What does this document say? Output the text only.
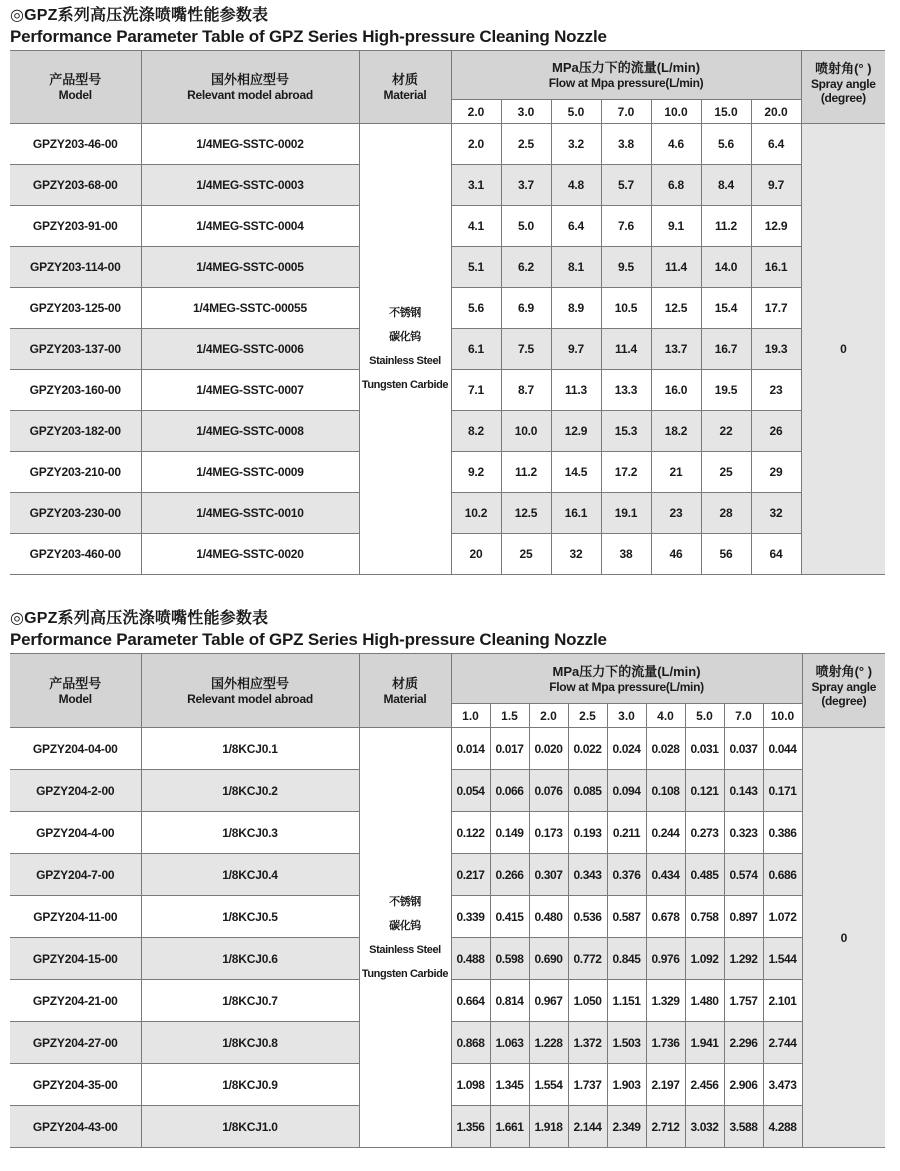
◎GPZ系列高压洗涤喷嘴性能参数表
Performance Parameter Table of GPZ Series High-pressure Cleaning Nozzle
产品型号
Model	国外相应型号
Relevant model abroad	材质
Material	MPa压力下的流量(L/min)
Flow at Mpa pressure(L/min)							喷射角(° )
Spray angle
(degree)

			2.0	3.0	5.0	7.0	10.0	15.0	20.0	
GPZY203-46-00	1/4MEG-SSTC-0002	不锈钢
碳化钨
Stainless Steel
Tungsten Carbide	2.0	2.5	3.2	3.8	4.6	5.6	6.4	0
GPZY203-68-00	1/4MEG-SSTC-0003		3.1	3.7	4.8	5.7	6.8	8.4	9.7	
GPZY203-91-00	1/4MEG-SSTC-0004		4.1	5.0	6.4	7.6	9.1	11.2	12.9	
GPZY203-114-00	1/4MEG-SSTC-0005		5.1	6.2	8.1	9.5	11.4	14.0	16.1	
GPZY203-125-00	1/4MEG-SSTC-00055		5.6	6.9	8.9	10.5	12.5	15.4	17.7	
GPZY203-137-00	1/4MEG-SSTC-0006		6.1	7.5	9.7	11.4	13.7	16.7	19.3	
GPZY203-160-00	1/4MEG-SSTC-0007		7.1	8.7	11.3	13.3	16.0	19.5	23	
GPZY203-182-00	1/4MEG-SSTC-0008		8.2	10.0	12.9	15.3	18.2	22	26	
GPZY203-210-00	1/4MEG-SSTC-0009		9.2	11.2	14.5	17.2	21	25	29	
GPZY203-230-00	1/4MEG-SSTC-0010		10.2	12.5	16.1	19.1	23	28	32	
GPZY203-460-00	1/4MEG-SSTC-0020		20	25	32	38	46	56	64	
◎GPZ系列高压洗涤喷嘴性能参数表
Performance Parameter Table of GPZ Series High-pressure Cleaning Nozzle
产品型号
Model	国外相应型号
Relevant model abroad	材质
Material	MPa压力下的流量(L/min)
Flow at Mpa pressure(L/min)									喷射角(° )
Spray angle
(degree)

			1.0	1.5	2.0	2.5	3.0	4.0	5.0	7.0	10.0	
GPZY204-04-00	1/8KCJ0.1	不锈钢
碳化钨
Stainless Steel
Tungsten Carbide	0.014	0.017	0.020	0.022	0.024	0.028	0.031	0.037	0.044	0
GPZY204-2-00	1/8KCJ0.2		0.054	0.066	0.076	0.085	0.094	0.108	0.121	0.143	0.171	
GPZY204-4-00	1/8KCJ0.3		0.122	0.149	0.173	0.193	0.211	0.244	0.273	0.323	0.386	
GPZY204-7-00	1/8KCJ0.4		0.217	0.266	0.307	0.343	0.376	0.434	0.485	0.574	0.686	
GPZY204-11-00	1/8KCJ0.5		0.339	0.415	0.480	0.536	0.587	0.678	0.758	0.897	1.072	
GPZY204-15-00	1/8KCJ0.6		0.488	0.598	0.690	0.772	0.845	0.976	1.092	1.292	1.544	
GPZY204-21-00	1/8KCJ0.7		0.664	0.814	0.967	1.050	1.151	1.329	1.480	1.757	2.101	
GPZY204-27-00	1/8KCJ0.8		0.868	1.063	1.228	1.372	1.503	1.736	1.941	2.296	2.744	
GPZY204-35-00	1/8KCJ0.9		1.098	1.345	1.554	1.737	1.903	2.197	2.456	2.906	3.473	
GPZY204-43-00	1/8KCJ1.0		1.356	1.661	1.918	2.144	2.349	2.712	3.032	3.588	4.288	
